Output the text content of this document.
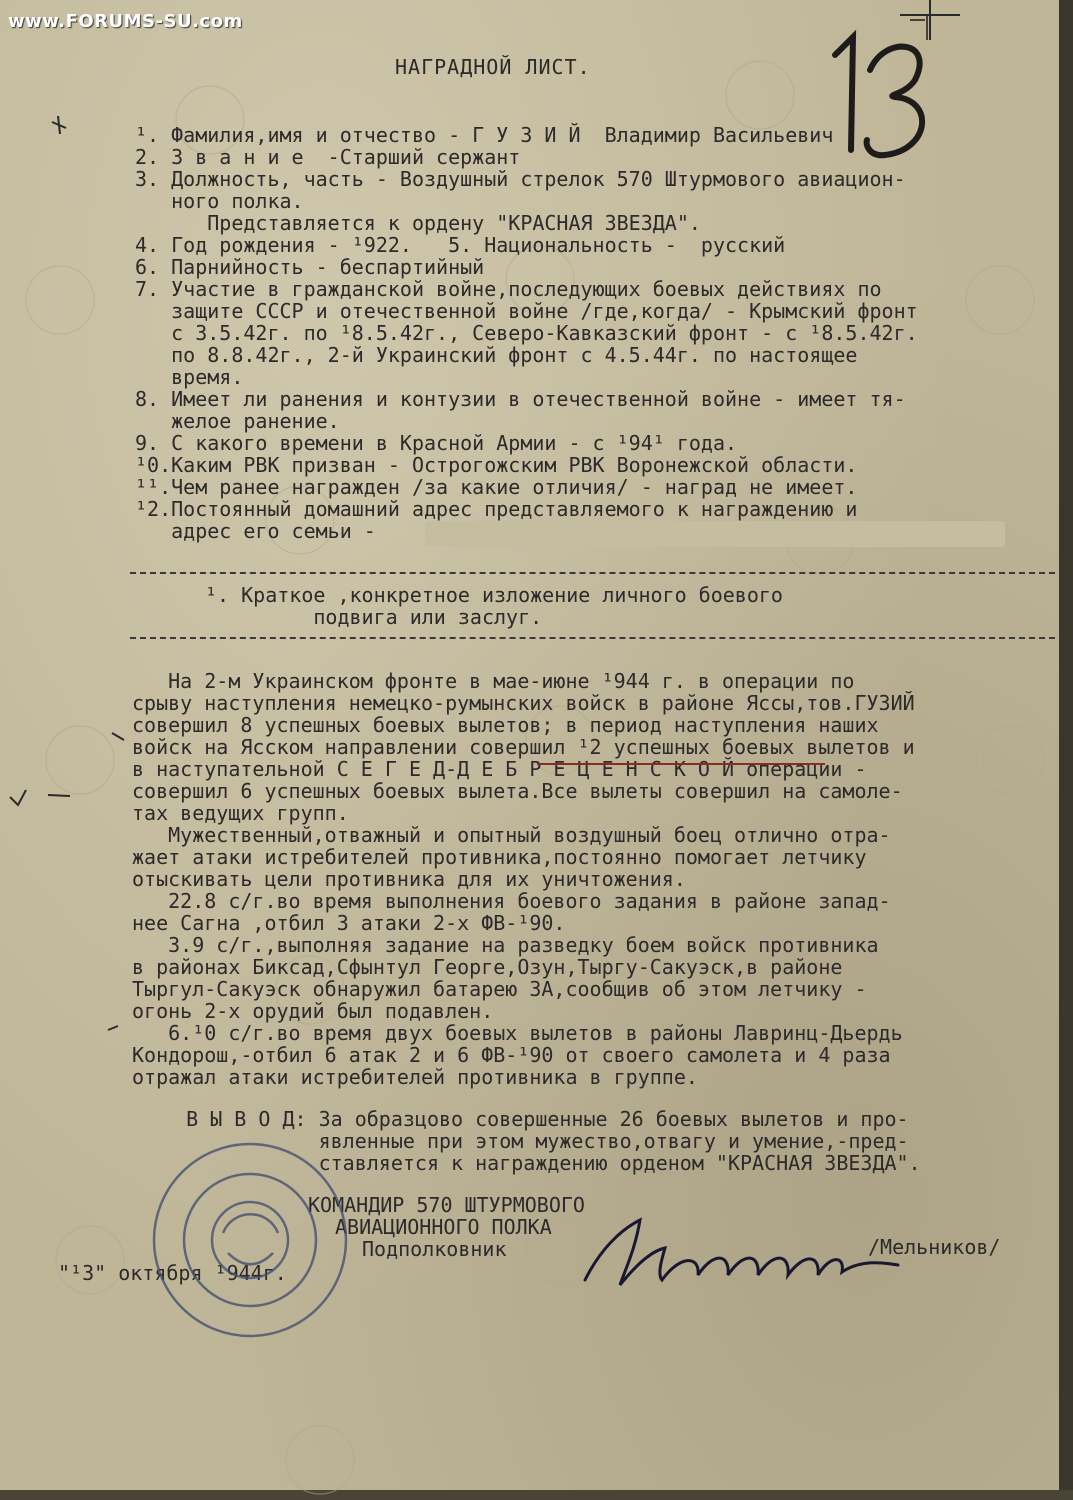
www.FORUMS-SU.com
НАГРАДНОЙ ЛИСТ.
¹. Фамилия,имя и отчество - Г У З И Й  Владимир Васильевич
2. З в а н и е  -Старший сержант
3. Должность, часть - Воздушный стрелок 570 Штурмового авиацион-
ного полка.
Представляется к ордену "КРАСНАЯ ЗВЕЗДА".
4. Год рождения - ¹922.   5. Национальность -  русский
6. Парнийность - беспартийный
7. Участие в гражданской войне,последующих боевых действиях по
защите СССР и отечественной войне /где,когда/ - Крымский фронт
с 3.5.42г. по ¹8.5.42г., Северо-Кавказский фронт - с ¹8.5.42г.
по 8.8.42г., 2-й Украинский фронт с 4.5.44г. по настоящее
время.
8. Имеет ли ранения и контузии в отечественной войне - имеет тя-
желое ранение.
9. С какого времени в Красной Армии - с ¹94¹ года.
¹0.Каким РВК призван - Острогожским РВК Воронежской области.
¹¹.Чем ранее награжден /за какие отличия/ - наград не имеет.
¹2.Постоянный домашний адрес представляемого к награждению и
адрес его семьи -
¹. Краткое ,конкретное изложение личного боевого
подвига или заслуг.
На 2-м Украинском фронте в мае-июне ¹944 г. в операции по
срыву наступления немецко-румынских войск в районе Яссы,тов.ГУЗИЙ
совершил 8 успешных боевых вылетов; в период наступления наших
войск на Ясском направлении совершил ¹2 успешных боевых вылетов и
в наступательной С Е Г Е Д-Д Е Б Р Е Ц Е Н С К О Й операции -
совершил 6 успешных боевых вылета.Все вылеты совершил на самоле-
тах ведущих групп.
Мужественный,отважный и опытный воздушный боец отлично отра-
жает атаки истребителей противника,постоянно помогает летчику
отыскивать цели противника для их уничтожения.
22.8 с/г.во время выполнения боевого задания в районе запад-
нее Сагна ,отбил 3 атаки 2-х ФВ-¹90.
3.9 с/г.,выполняя задание на разведку боем войск противника
в районах Биксад,Сфынтул Георге,Озун,Тыргу-Сакуэск,в районе
Тыргул-Сакуэск обнаружил батарею ЗА,сообщив об этом летчику -
огонь 2-х орудий был подавлен.
6.¹0 с/г.во время двух боевых вылетов в районы Лавринц-Дьердь
Кондорош,-отбил 6 атак 2 и 6 ФВ-¹90 от своего самолета и 4 раза
отражал атаки истребителей противника в группе.
В Ы В О Д: За образцово совершенные 26 боевых вылетов и про-
явленные при этом мужество,отвагу и умение,-пред-
ставляется к награждению орденом "КРАСНАЯ ЗВЕЗДА".
КОМАНДИР 570 ШТУРМОВОГО
АВИАЦИОННОГО ПОЛКА
Подполковник	/Мельников/
"¹3" октября ¹944г.
